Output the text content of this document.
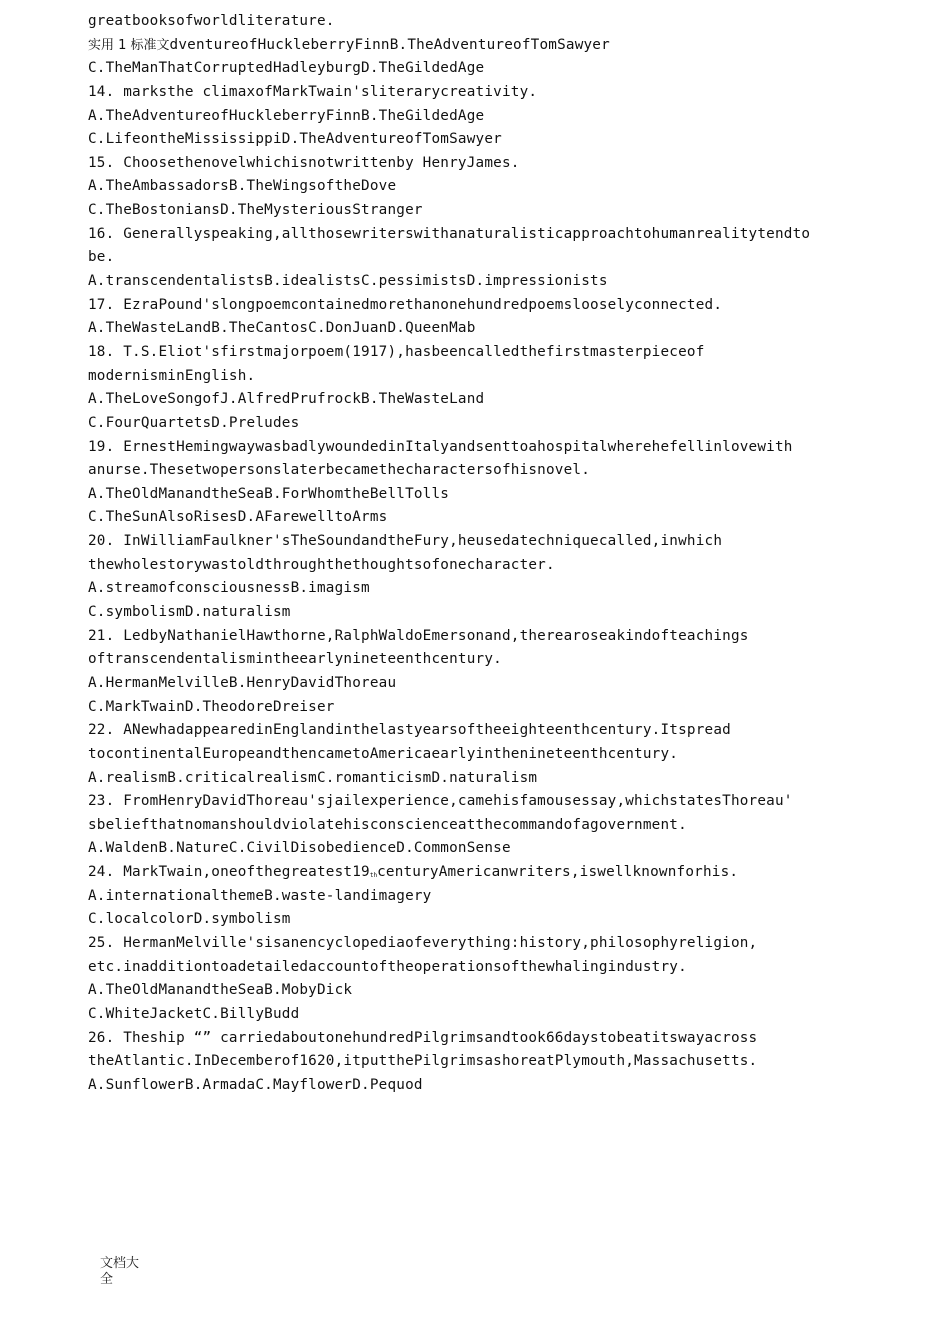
greatbooksofworldliterature.
实用 1 标准文dventureofHuckleberryFinnB.TheAdventureofTomSawyer
C.TheManThatCorruptedHadleyburgD.TheGildedAge
14. marksthe climaxofMarkTwain'sliterarycreativity.
A.TheAdventureofHuckleberryFinnB.TheGildedAge
C.LifeontheMississippiD.TheAdventureofTomSawyer
15. Choosethenovelwhichisnotwrittenby HenryJames.
A.TheAmbassadorsB.TheWingsoftheDove
C.TheBostoniansD.TheMysteriousStranger
16. Generallyspeaking,allthosewriterswithanaturalisticapproachtohumanrealitytendto
be.
A.transcendentalistsB.idealistsC.pessimistsD.impressionists
17. EzraPound'slongpoemcontainedmorethanonehundredpoemslooselyconnected.
A.TheWasteLandB.TheCantosC.DonJuanD.QueenMab
18. T.S.Eliot'sfirstmajorpoem(1917),hasbeencalledthefirstmasterpieceof
modernisminEnglish.
A.TheLoveSongofJ.AlfredPrufrockB.TheWasteLand
C.FourQuartetsD.Preludes
19. ErnestHemingwaywasbadlywoundedinItalyandsenttoahospitalwherehefellinlovewith
anurse.Thesetwopersonslaterbecamethecharactersofhisnovel.
A.TheOldManandtheSeaB.ForWhomtheBellTolls
C.TheSunAlsoRisesD.AFarewelltoArms
20. InWilliamFaulkner'sTheSoundandtheFury,heusedatechniquecalled,inwhich
thewholestorywastoldthroughthethoughtsofonecharacter.
A.streamofconsciousnessB.imagism
C.symbolismD.naturalism
21. LedbyNathanielHawthorne,RalphWaldoEmersonand,therearoseakindofteachings
oftranscendentalismintheearlynineteenthcentury.
A.HermanMelvilleB.HenryDavidThoreau
C.MarkTwainD.TheodoreDreiser
22. ANewhadappearedinEnglandinthelastyearsoftheeighteenthcentury.Itspread
tocontinentalEuropeandthencametoAmericaearlyinthenineteenthcentury.
A.realismB.criticalrealismC.romanticismD.naturalism
23. FromHenryDavidThoreau'sjailexperience,camehisfamousessay,whichstatesThoreau'
sbeliefthatnomanshouldviolatehisconscienceatthecommandofagovernment.
A.WaldenB.NatureC.CivilDisobedienceD.CommonSense
24. MarkTwain,oneofthegreatest19thcenturyAmericanwriters,iswellknownforhis.
A.internationalthemeB.waste-landimagery
C.localcolorD.symbolism
25. HermanMelville'sisanencyclopediaofeverything:history,philosophyreligion,
etc.inadditiontoadetailedaccountoftheoperationsofthewhalingindustry.
A.TheOldManandtheSeaB.MobyDick
C.WhiteJacketC.BillyBudd
26. Theship “” carriedaboutonehundredPilgrimsandtook66daystobeatitswayacross
theAtlantic.InDecemberof1620,itputthePilgrimsashoreatPlymouth,Massachusetts.
A.SunflowerB.ArmadaC.MayflowerD.Pequod
文档大全
